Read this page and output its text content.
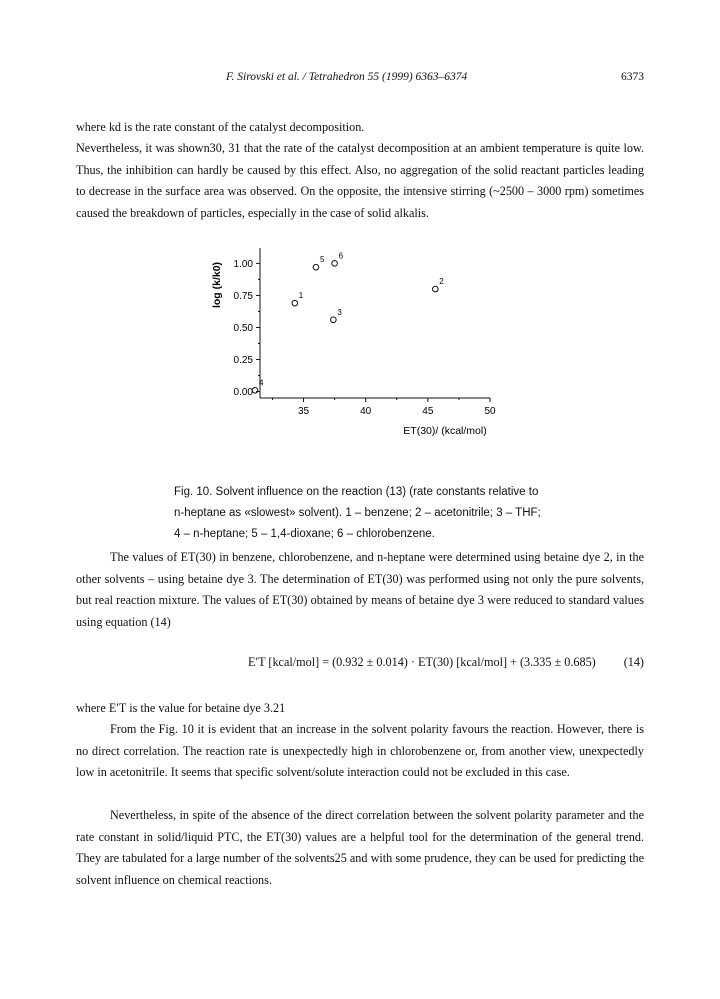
F. Sirovski et al. / Tetrahedron 55 (1999) 6363–6374	6373
where kd is the rate constant of the catalyst decomposition.
Nevertheless, it was shown30, 31 that the rate of the catalyst decomposition at an ambient temperature is quite low. Thus, the inhibition can hardly be caused by this effect. Also, no aggregation of the solid reactant particles leading to decrease in the surface area was observed. On the opposite, the intensive stirring (~2500 – 3000 rpm) sometimes caused the breakdown of particles, especially in the case of solid alkalis.
0.00
0.25
0.50
0.75
1.00
35	40	45	50
ET(30)/ (kcal/mol)
log (k/k0)	1
2
3
4
5 6
Fig. 10. Solvent influence on the reaction (13) (rate constants relative to n-heptane as «slowest» solvent). 1 – benzene; 2 – acetonitrile; 3 – THF; 4 – n-heptane; 5 – 1,4-dioxane; 6 – chlorobenzene.
The values of ET(30) in benzene, chlorobenzene, and n-heptane were determined using betaine dye 2, in the other solvents – using betaine dye 3. The determination of ET(30) was performed using not only the pure solvents, but real reaction mixture. The values of ET(30) obtained by means of betaine dye 3 were reduced to standard values using equation (14)
E′T [kcal/mol] = (0.932 ± 0.014) · ET(30) [kcal/mol] + (3.335 ± 0.685) (14)
where E′T is the value for betaine dye 3.21
From the Fig. 10 it is evident that an increase in the solvent polarity favours the reaction. However, there is no direct correlation. The reaction rate is unexpectedly high in chlorobenzene or, from another view, unexpectedly low in acetonitrile. It seems that specific solvent/solute interaction could not be excluded in this case.
Nevertheless, in spite of the absence of the direct correlation between the solvent polarity parameter and the rate constant in solid/liquid PTC, the ET(30) values are a helpful tool for the determination of the general trend. They are tabulated for a large number of the solvents25 and with some prudence, they can be used for predicting the solvent influence on chemical reactions.
